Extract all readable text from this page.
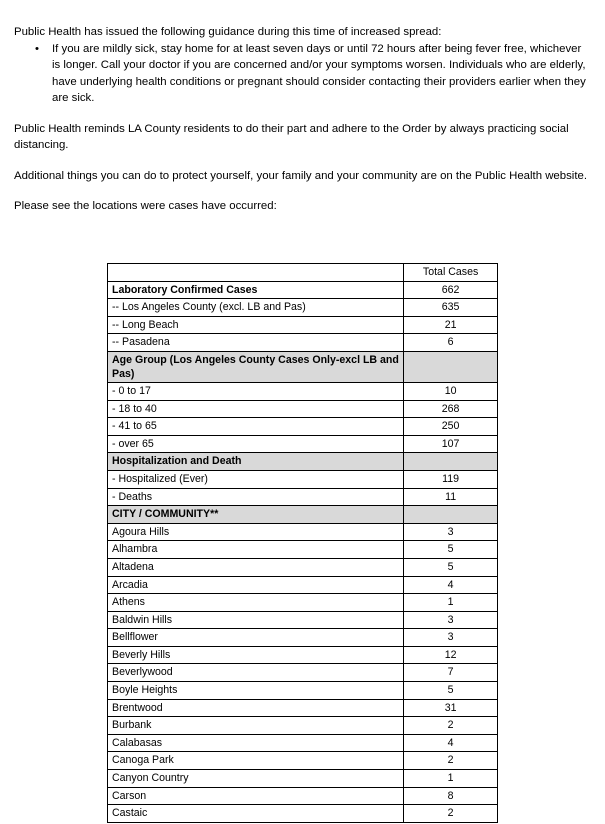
Public Health has issued the following guidance during this time of increased spread:

• If you are mildly sick, stay home for at least seven days or until 72 hours after being fever free, whichever is longer. Call your doctor if you are concerned and/or your symptoms worsen. Individuals who are elderly, have underlying health conditions or pregnant should consider contacting their providers earlier when they are sick.

Public Health reminds LA County residents to do their part and adhere to the Order by always practicing social distancing.

Additional things you can do to protect yourself, your family and your community are on the Public Health website.

Please see the locations were cases have occurred:

	Total Cases
Laboratory Confirmed Cases	662
-- Los Angeles County (excl. LB and Pas)	635
-- Long Beach	21
-- Pasadena	6
Age Group (Los Angeles County Cases Only-excl LB and Pas)	
- 0 to 17	10
- 18 to 40	268
- 41 to 65	250
- over 65	107
Hospitalization and Death	
- Hospitalized (Ever)	119
- Deaths	11
CITY / COMMUNITY**	
Agoura Hills	3
Alhambra	5
Altadena	5
Arcadia	4
Athens	1
Baldwin Hills	3
Bellflower	3
Beverly Hills	12
Beverlywood	7
Boyle Heights	5
Brentwood	31
Burbank	2
Calabasas	4
Canoga Park	2
Canyon Country	1
Carson	8
Castaic	2
